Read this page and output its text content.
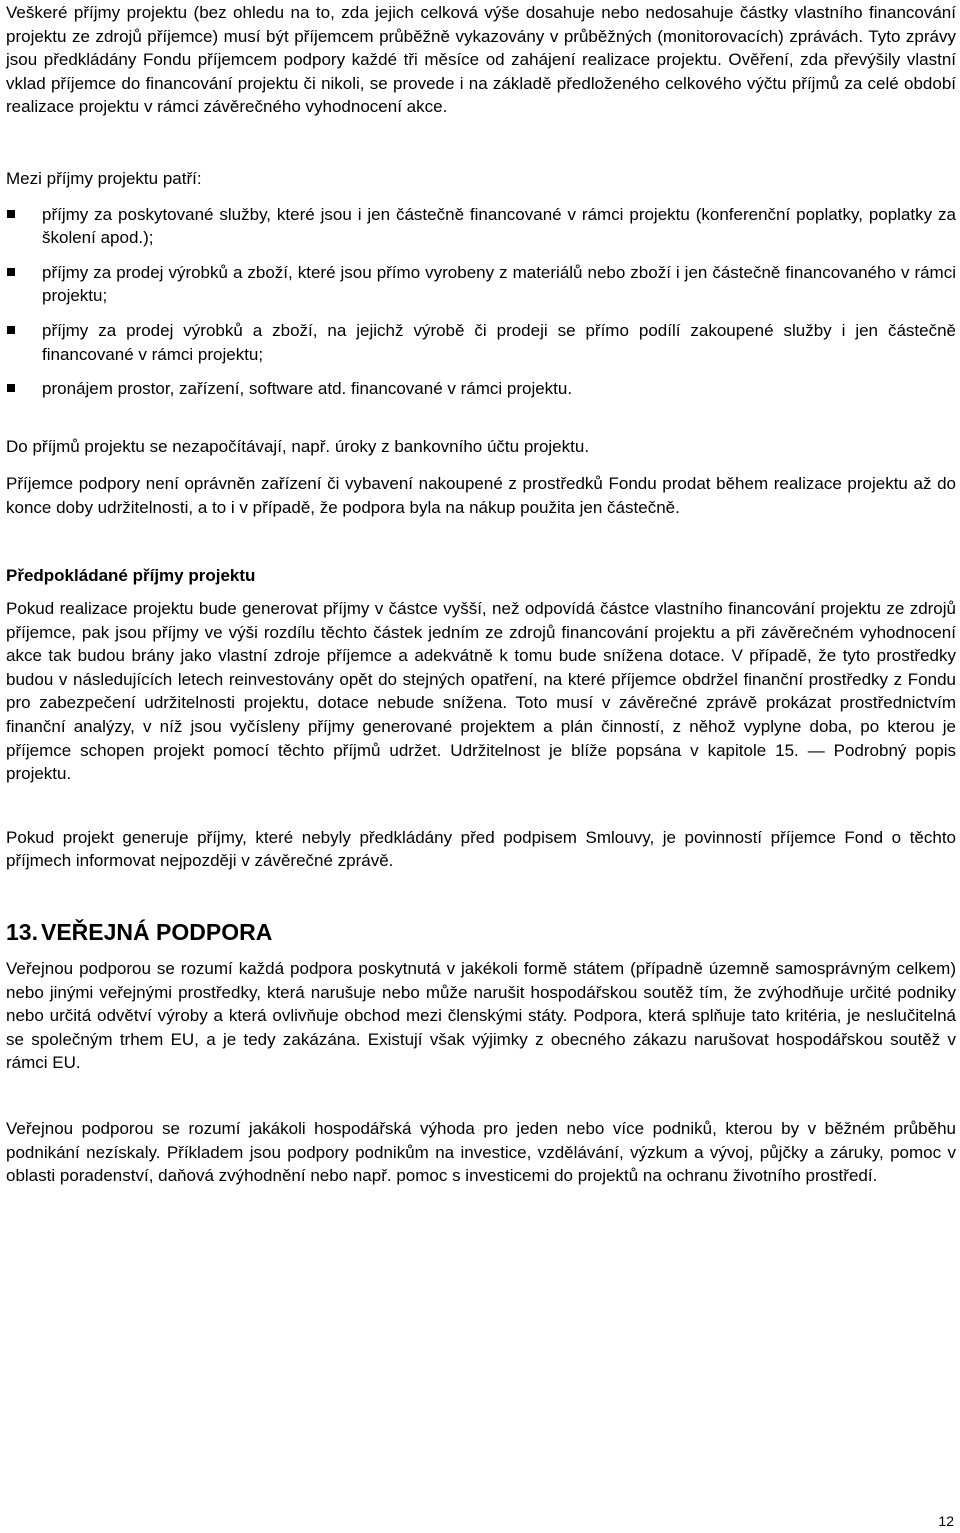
Veškeré příjmy projektu (bez ohledu na to, zda jejich celková výše dosahuje nebo nedosahuje částky vlastního financování projektu ze zdrojů příjemce) musí být příjemcem průběžně vykazovány v průběžných (monitorovacích) zprávách. Tyto zprávy jsou předkládány Fondu příjemcem podpory každé tři měsíce od zahájení realizace projektu. Ověření, zda převýšily vlastní vklad příjemce do financování projektu či nikoli, se provede i na základě předloženého celkového výčtu příjmů za celé období realizace projektu v rámci závěrečného vyhodnocení akce.

Mezi příjmy projektu patří:

příjmy za poskytované služby, které jsou i jen částečně financované v rámci projektu (konferenční poplatky, poplatky za školení apod.);
příjmy za prodej výrobků a zboží, které jsou přímo vyrobeny z materiálů nebo zboží i jen částečně financovaného v rámci projektu;
příjmy za prodej výrobků a zboží, na jejichž výrobě či prodeji se přímo podílí zakoupené služby i jen částečně financované v rámci projektu;
pronájem prostor, zařízení, software atd. financované v rámci projektu.

Do příjmů projektu se nezapočítávají, např. úroky z bankovního účtu projektu.

Příjemce podpory není oprávněn zařízení či vybavení nakoupené z prostředků Fondu prodat během realizace projektu až do konce doby udržitelnosti, a to i v případě, že podpora byla na nákup použita jen částečně.

Předpokládané příjmy projektu

Pokud realizace projektu bude generovat příjmy v částce vyšší, než odpovídá částce vlastního financování projektu ze zdrojů příjemce, pak jsou příjmy ve výši rozdílu těchto částek jedním ze zdrojů financování projektu a při závěrečném vyhodnocení akce tak budou brány jako vlastní zdroje příjemce a adekvátně k tomu bude snížena dotace. V případě, že tyto prostředky budou v následujících letech reinvestovány opět do stejných opatření, na které příjemce obdržel finanční prostředky z Fondu pro zabezpečení udržitelnosti projektu, dotace nebude snížena. Toto musí v závěrečné zprávě prokázat prostřednictvím finanční analýzy, v níž jsou vyčísleny příjmy generované projektem a plán činností, z něhož vyplyne doba, po kterou je příjemce schopen projekt pomocí těchto příjmů udržet. Udržitelnost je blíže popsána v kapitole 15. — Podrobný popis projektu.

Pokud projekt generuje příjmy, které nebyly předkládány před podpisem Smlouvy, je povinností příjemce Fond o těchto příjmech informovat nejpozději v závěrečné zprávě.

13. VEŘEJNÁ PODPORA

Veřejnou podporou se rozumí každá podpora poskytnutá v jakékoli formě státem (případně územně samosprávným celkem) nebo jinými veřejnými prostředky, která narušuje nebo může narušit hospodářskou soutěž tím, že zvýhodňuje určité podniky nebo určitá odvětví výroby a která ovlivňuje obchod mezi členskými státy. Podpora, která splňuje tato kritéria, je neslučitelná se společným trhem EU, a je tedy zakázána. Existují však výjimky z obecného zákazu narušovat hospodářskou soutěž v rámci EU.

Veřejnou podporou se rozumí jakákoli hospodářská výhoda pro jeden nebo více podniků, kterou by v běžném průběhu podnikání nezískaly. Příkladem jsou podpory podnikům na investice, vzdělávání, výzkum a vývoj, půjčky a záruky, pomoc v oblasti poradenství, daňová zvýhodnění nebo např. pomoc s investicemi do projektů na ochranu životního prostředí.

12
